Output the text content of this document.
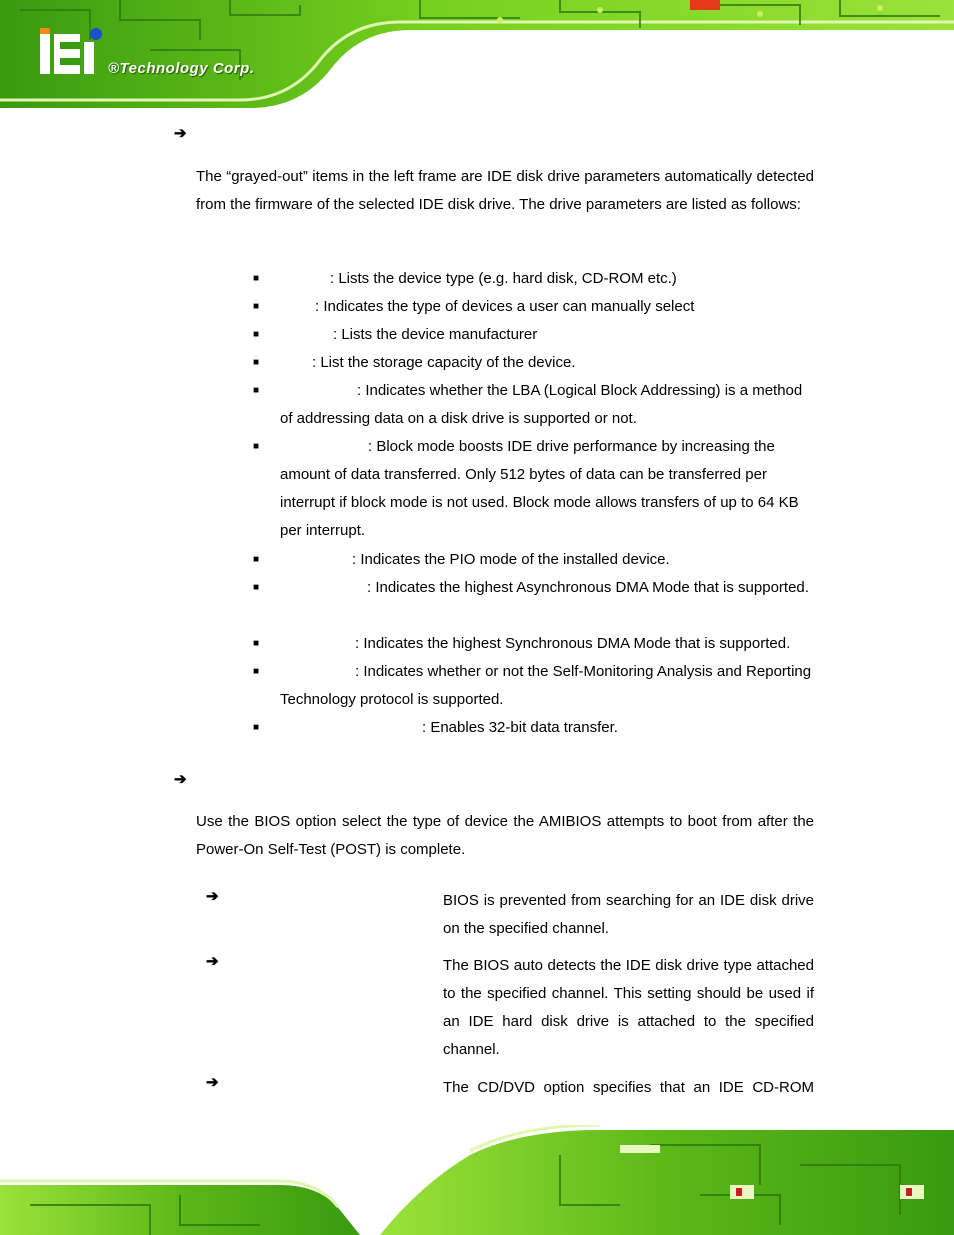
®Technology Corp.
➔

The “grayed-out” items in the left frame are IDE disk drive parameters automatically detected from the firmware of the selected IDE disk drive. The drive parameters are listed as follows:

■	: Lists the device type (e.g. hard disk, CD-ROM etc.)

■	: Indicates the type of devices a user can manually select

■	: Lists the device manufacturer

■	: List the storage capacity of the device.

■	: Indicates whether the LBA (Logical Block Addressing) is a method of addressing data on a disk drive is supported or not.

■	: Block mode boosts IDE drive performance by increasing the amount of data transferred. Only 512 bytes of data can be transferred per interrupt if block mode is not used. Block mode allows transfers of up to 64 KB per interrupt.

■	: Indicates the PIO mode of the installed device.

■	: Indicates the highest Asynchronous DMA Mode that is supported.

■	: Indicates the highest Synchronous DMA Mode that is supported.

■	: Indicates whether or not the Self-Monitoring Analysis and Reporting Technology protocol is supported.

■	: Enables 32-bit data transfer.

➔

Use the BIOS option select the type of device the AMIBIOS attempts to boot from after the Power-On Self-Test (POST) is complete.

➔	BIOS is prevented from searching for an IDE disk drive on the specified channel.

➔	The BIOS auto detects the IDE disk drive type attached to the specified channel. This setting should be used if an IDE hard disk drive is attached to the specified channel.

➔	The CD/DVD option specifies that an IDE CD-ROM
